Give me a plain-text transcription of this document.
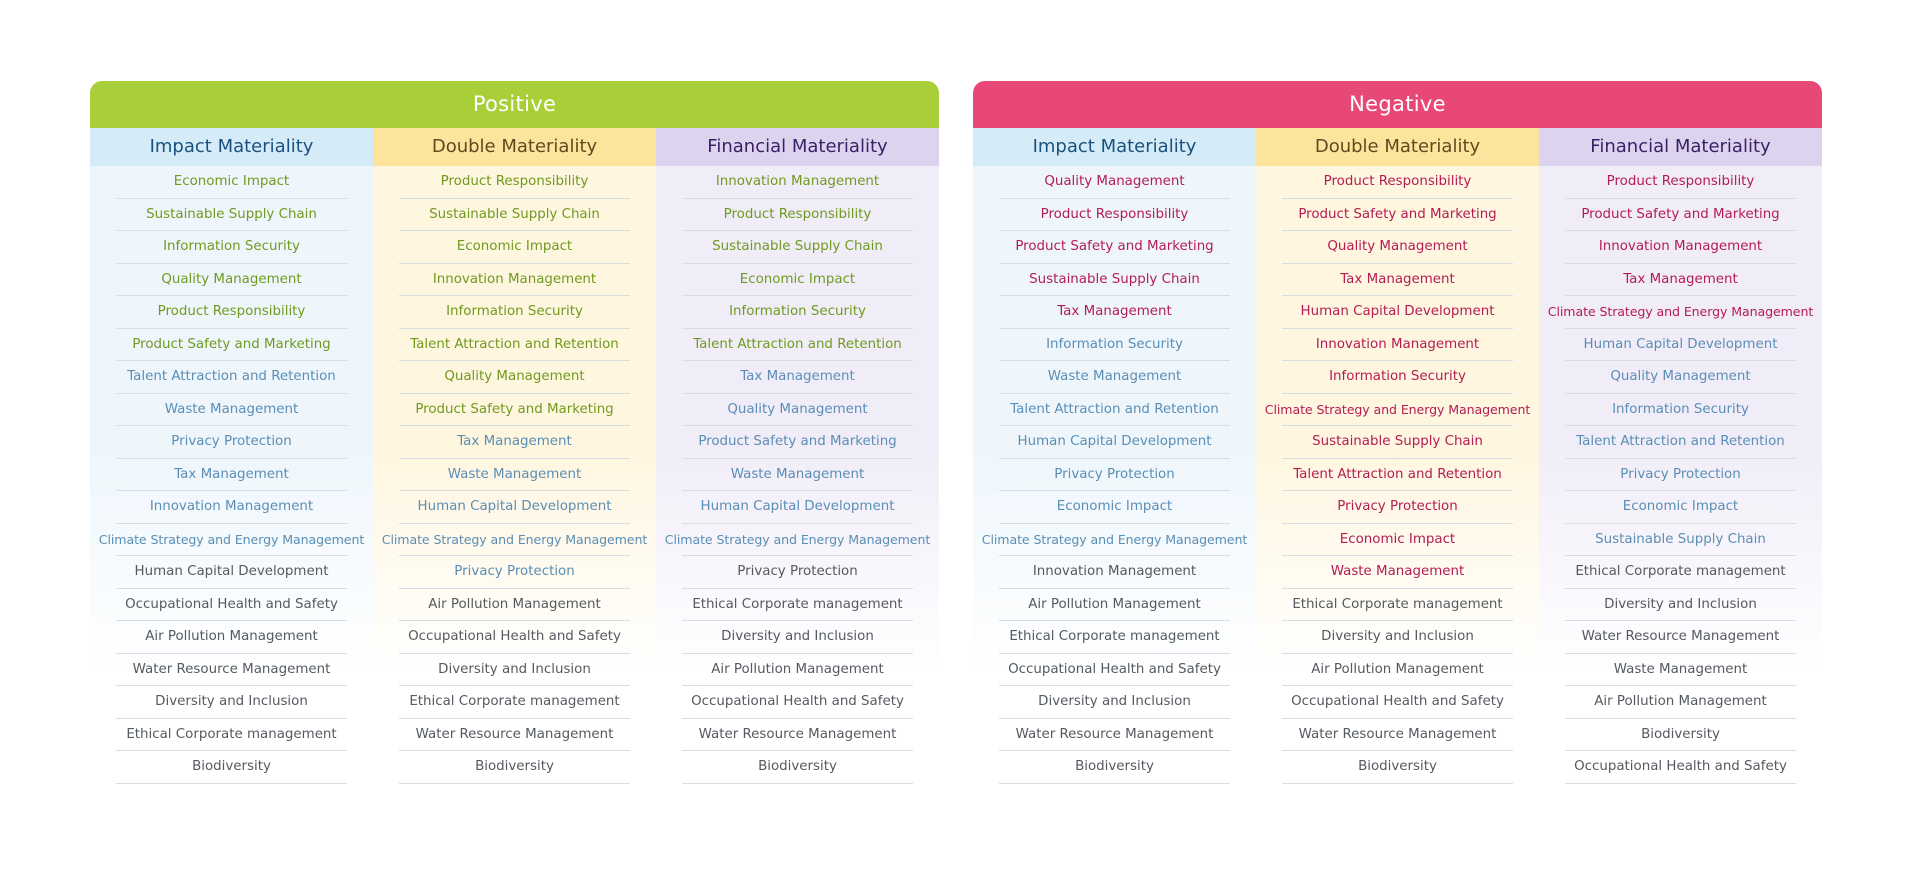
Positive
Impact Materiality
Economic Impact
Sustainable Supply Chain
Information Security
Quality Management
Product Responsibility
Product Safety and Marketing
Talent Attraction and Retention
Waste Management
Privacy Protection
Tax Management
Innovation Management
Climate Strategy and Energy Management
Human Capital Development
Occupational Health and Safety
Air Pollution Management
Water Resource Management
Diversity and Inclusion
Ethical Corporate management
Biodiversity
Double Materiality
Product Responsibility
Sustainable Supply Chain
Economic Impact
Innovation Management
Information Security
Talent Attraction and Retention
Quality Management
Product Safety and Marketing
Tax Management
Waste Management
Human Capital Development
Climate Strategy and Energy Management
Privacy Protection
Air Pollution Management
Occupational Health and Safety
Diversity and Inclusion
Ethical Corporate management
Water Resource Management
Biodiversity
Financial Materiality
Innovation Management
Product Responsibility
Sustainable Supply Chain
Economic Impact
Information Security
Talent Attraction and Retention
Tax Management
Quality Management
Product Safety and Marketing
Waste Management
Human Capital Development
Climate Strategy and Energy Management
Privacy Protection
Ethical Corporate management
Diversity and Inclusion
Air Pollution Management
Occupational Health and Safety
Water Resource Management
Biodiversity
Negative
Impact Materiality
Quality Management
Product Responsibility
Product Safety and Marketing
Sustainable Supply Chain
Tax Management
Information Security
Waste Management
Talent Attraction and Retention
Human Capital Development
Privacy Protection
Economic Impact
Climate Strategy and Energy Management
Innovation Management
Air Pollution Management
Ethical Corporate management
Occupational Health and Safety
Diversity and Inclusion
Water Resource Management
Biodiversity
Double Materiality
Product Responsibility
Product Safety and Marketing
Quality Management
Tax Management
Human Capital Development
Innovation Management
Information Security
Climate Strategy and Energy Management
Sustainable Supply Chain
Talent Attraction and Retention
Privacy Protection
Economic Impact
Waste Management
Ethical Corporate management
Diversity and Inclusion
Air Pollution Management
Occupational Health and Safety
Water Resource Management
Biodiversity
Financial Materiality
Product Responsibility
Product Safety and Marketing
Innovation Management
Tax Management
Climate Strategy and Energy Management
Human Capital Development
Quality Management
Information Security
Talent Attraction and Retention
Privacy Protection
Economic Impact
Sustainable Supply Chain
Ethical Corporate management
Diversity and Inclusion
Water Resource Management
Waste Management
Air Pollution Management
Biodiversity
Occupational Health and Safety
